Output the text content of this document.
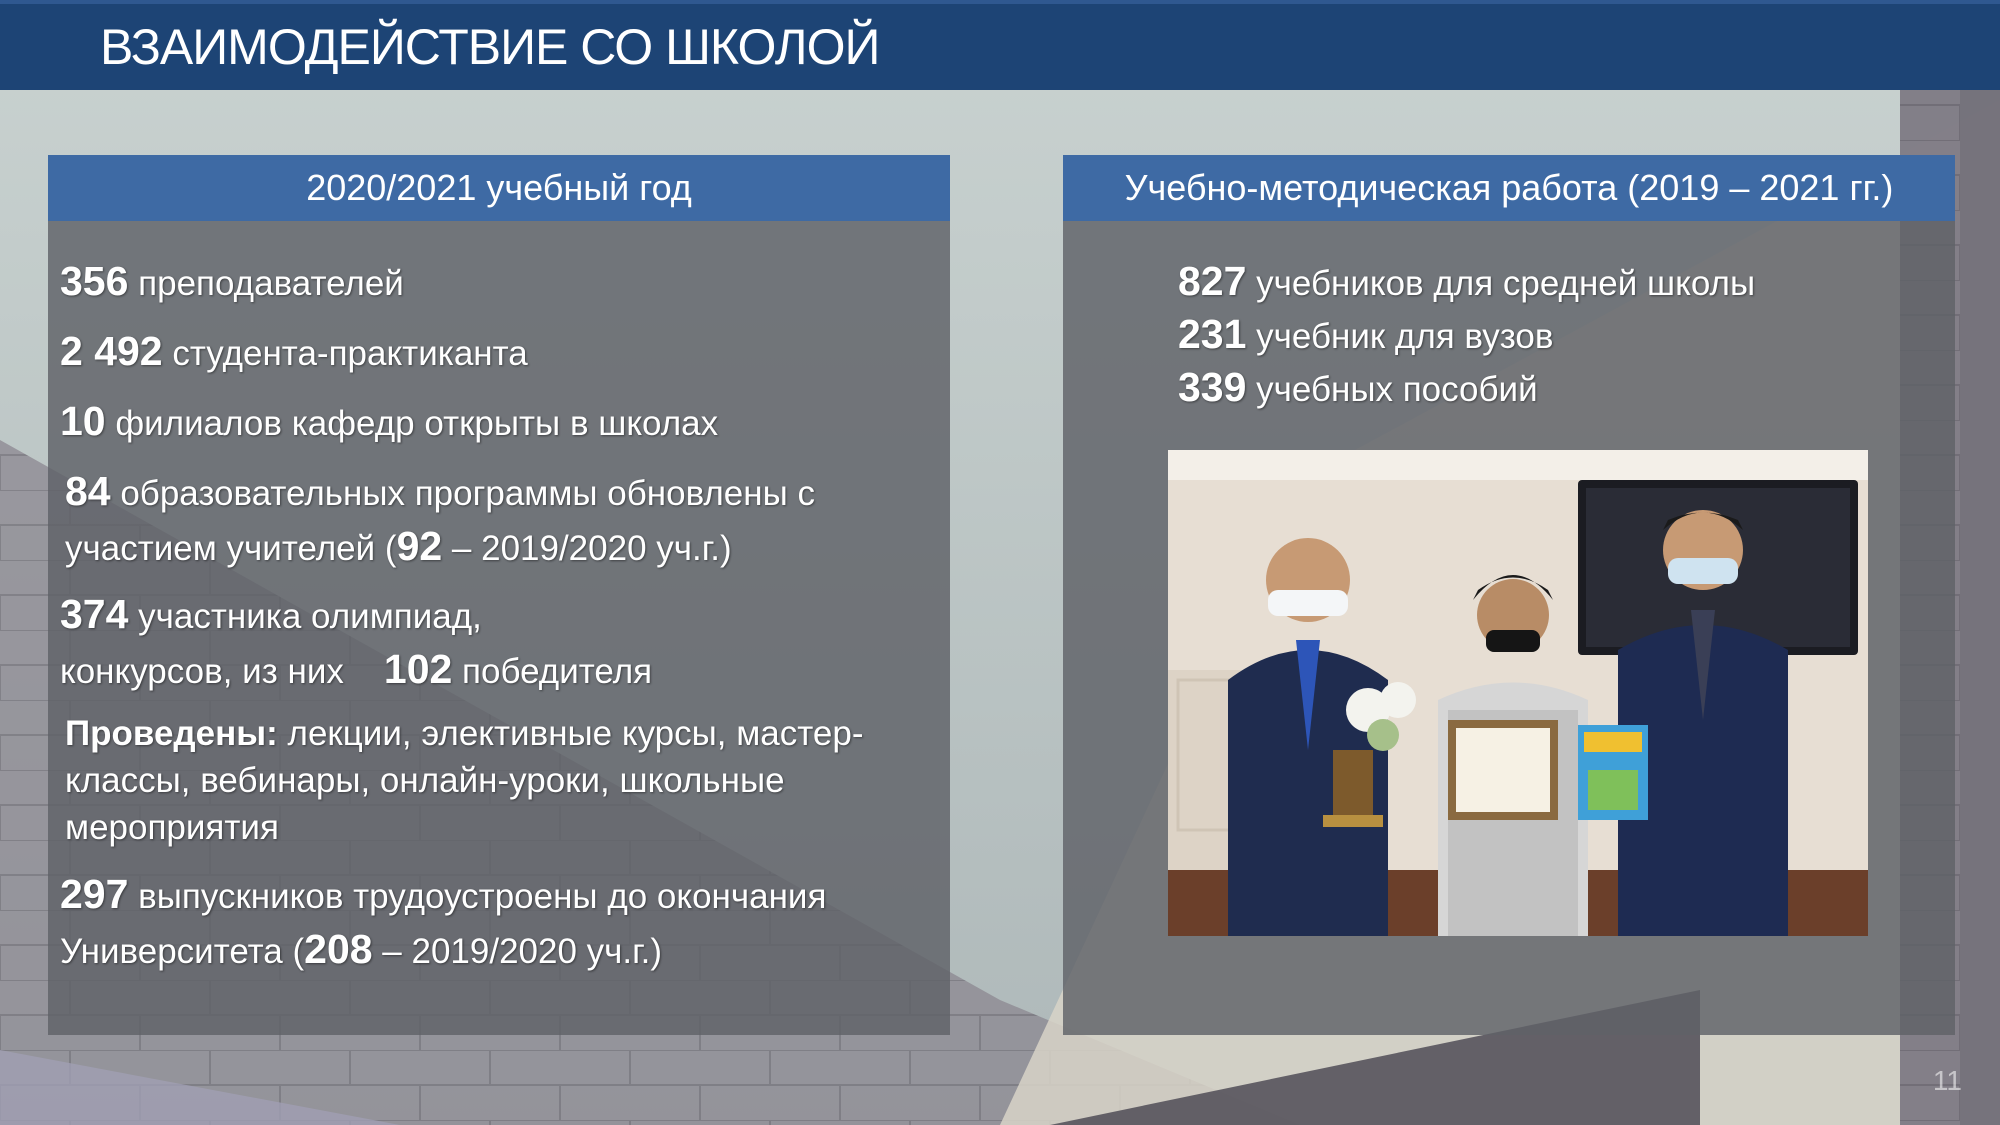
ВЗАИМОДЕЙСТВИЕ СО ШКОЛОЙ
2020/2021 учебный год
356 преподавателей
2 492 студента-практиканта
10 филиалов кафедр открыты в школах
84 образовательных программы обновлены с
участием учителей (92 – 2019/2020 уч.г.)
374 участника олимпиад,
конкурсов, из них 102 победителя
Проведены: лекции, элективные курсы, мастер-классы, вебинары, онлайн-уроки, школьные мероприятия
297 выпускников трудоустроены до окончания
Университета (208 – 2019/2020 уч.г.)
Учебно-методическая работа (2019 – 2021 гг.)
827 учебников для средней школы
231 учебник для вузов
339 учебных пособий
11
